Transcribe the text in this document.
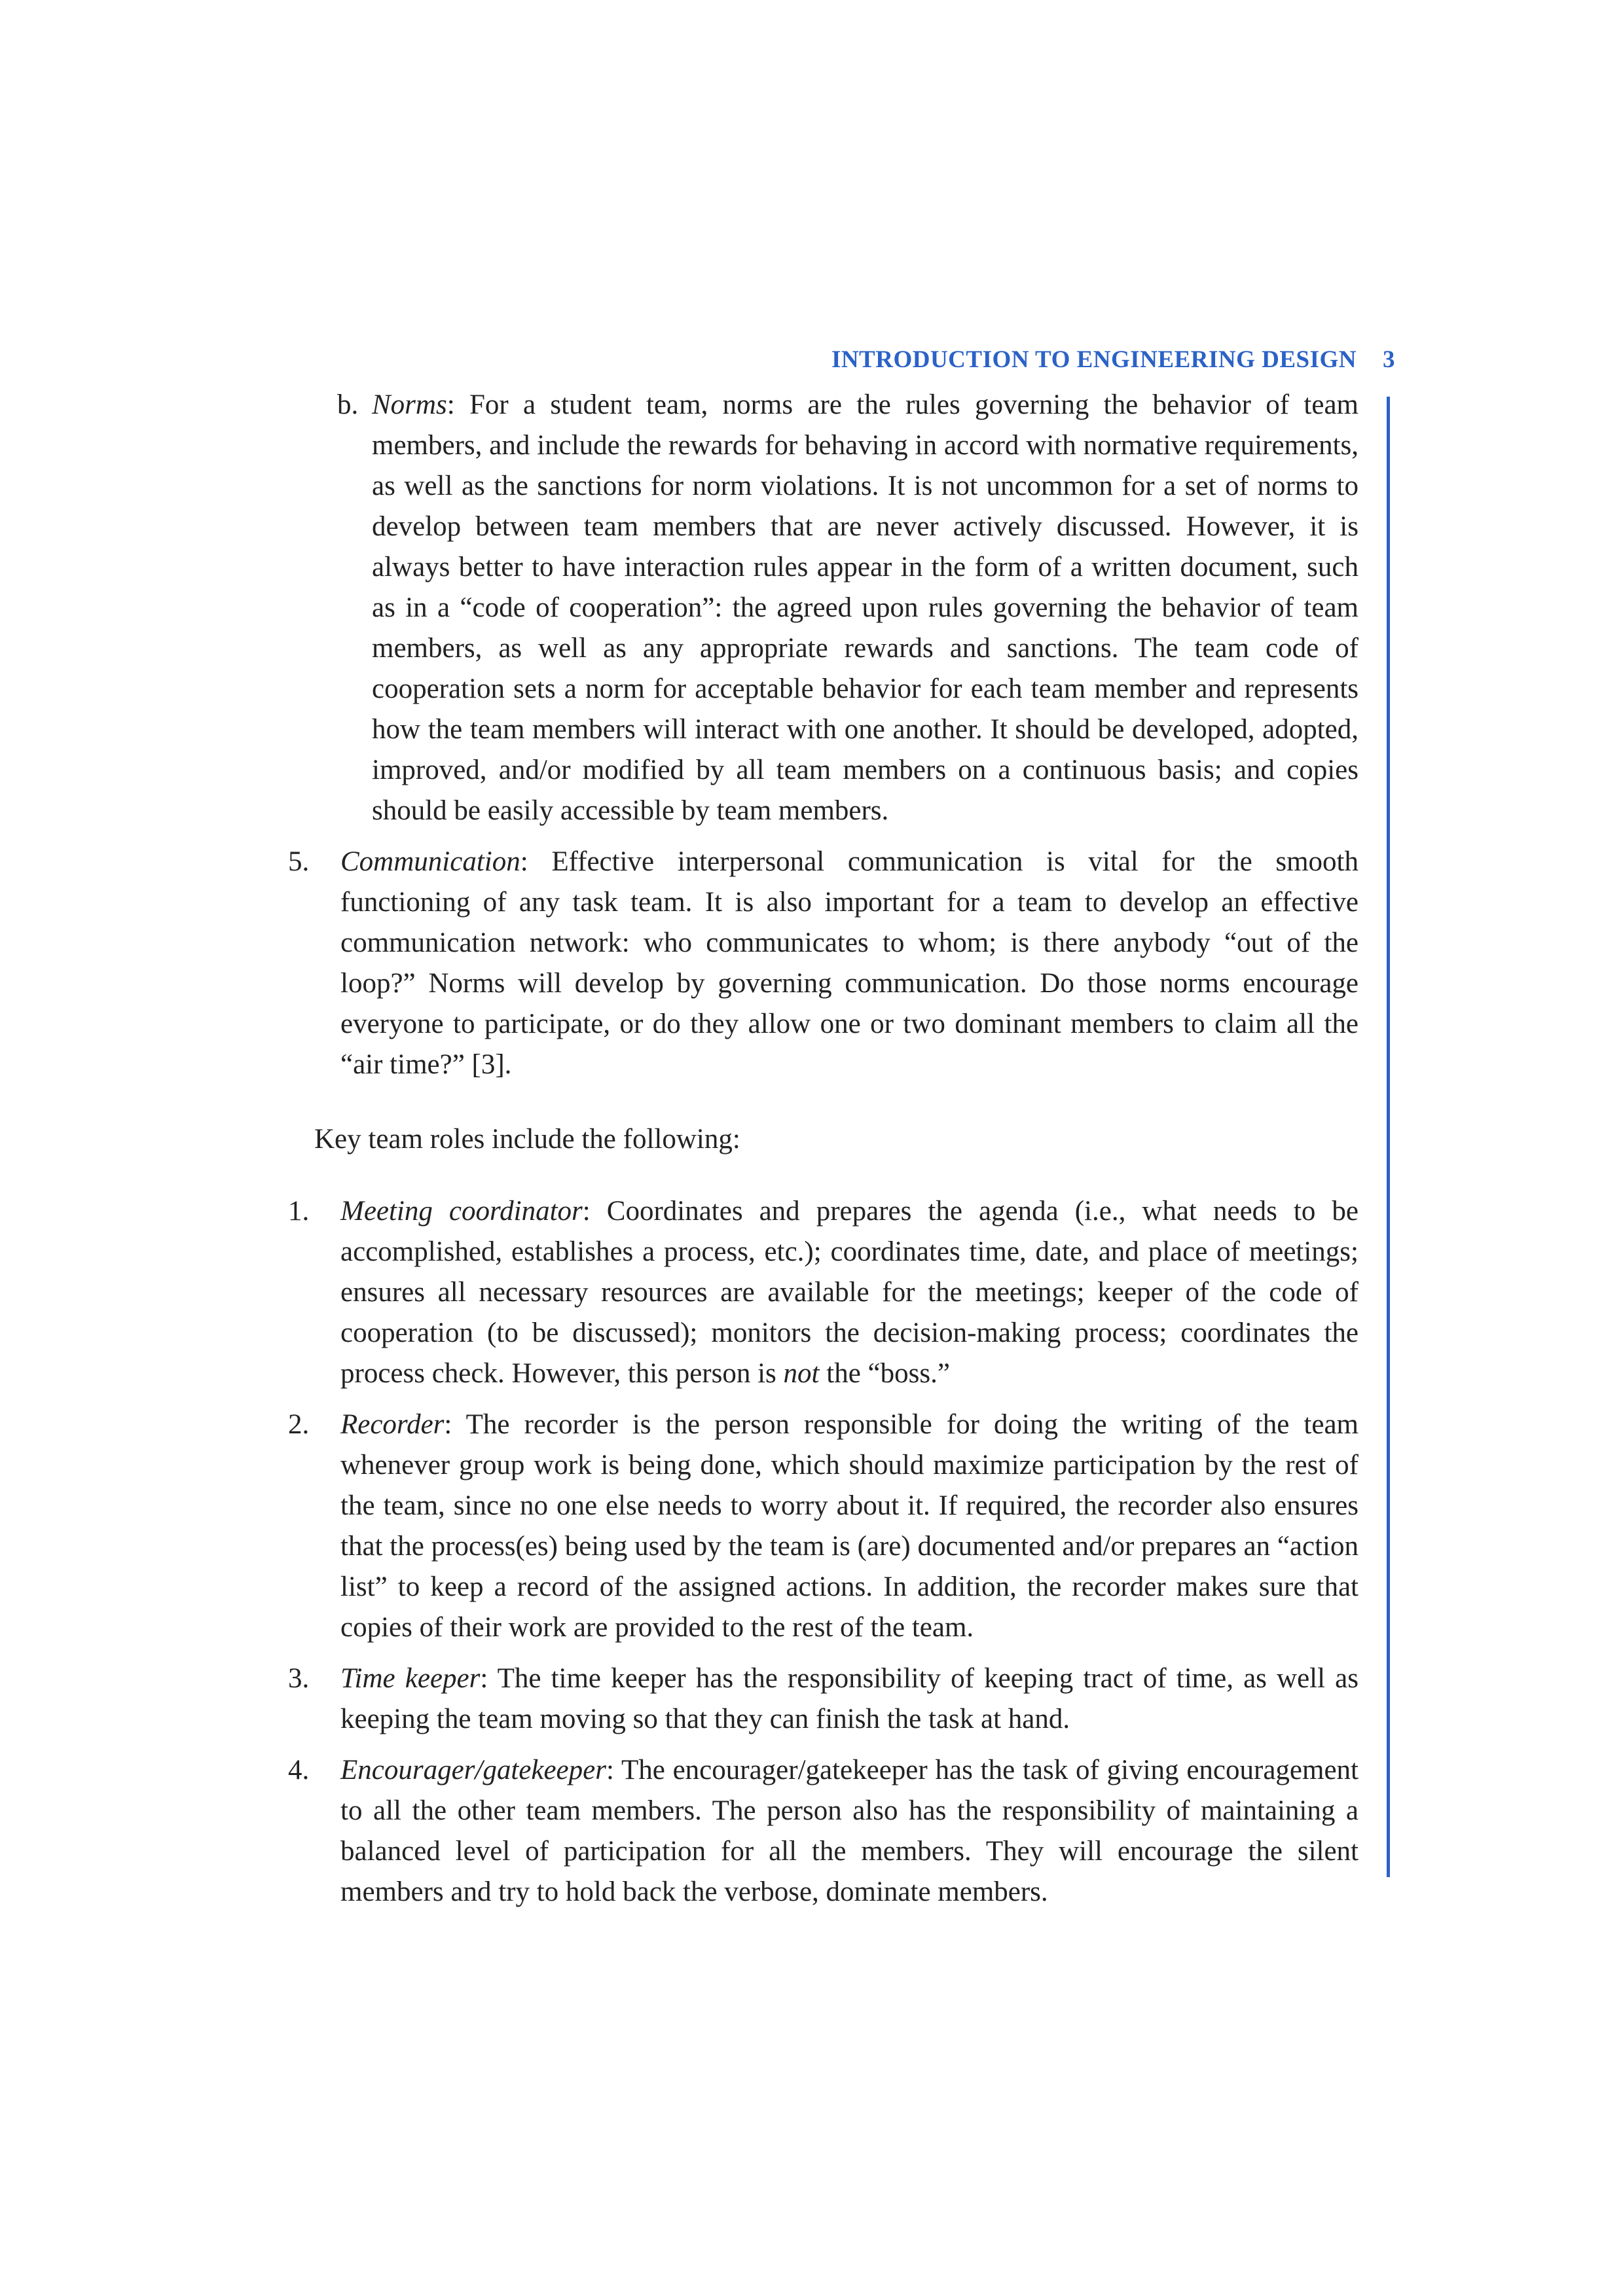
INTRODUCTION TO ENGINEERING DESIGN 3
b. Norms: For a student team, norms are the rules governing the behavior of team members, and include the rewards for behaving in accord with normative requirements, as well as the sanctions for norm violations. It is not uncommon for a set of norms to develop between team members that are never actively discussed. However, it is always better to have interaction rules appear in the form of a written document, such as in a “code of cooperation”: the agreed upon rules governing the behavior of team members, as well as any appropriate rewards and sanctions. The team code of cooperation sets a norm for acceptable behavior for each team member and represents how the team members will interact with one another. It should be developed, adopted, improved, and/or modified by all team members on a continuous basis; and copies should be easily accessible by team members.

5. Communication: Effective interpersonal communication is vital for the smooth functioning of any task team. It is also important for a team to develop an effective communication network: who communicates to whom; is there anybody “out of the loop?” Norms will develop by governing communication. Do those norms encourage everyone to participate, or do they allow one or two dominant members to claim all the “air time?” [3].

Key team roles include the following:

1. Meeting coordinator: Coordinates and prepares the agenda (i.e., what needs to be accomplished, establishes a process, etc.); coordinates time, date, and place of meetings; ensures all necessary resources are available for the meetings; keeper of the code of cooperation (to be discussed); monitors the decision-making process; coordinates the process check. However, this person is not the “boss.”

2. Recorder: The recorder is the person responsible for doing the writing of the team whenever group work is being done, which should maximize participation by the rest of the team, since no one else needs to worry about it. If required, the recorder also ensures that the process(es) being used by the team is (are) documented and/or prepares an “action list” to keep a record of the assigned actions. In addition, the recorder makes sure that copies of their work are provided to the rest of the team.

3. Time keeper: The time keeper has the responsibility of keeping tract of time, as well as keeping the team moving so that they can finish the task at hand.

4. Encourager/gatekeeper: The encourager/gatekeeper has the task of giving encouragement to all the other team members. The person also has the responsibility of maintaining a balanced level of participation for all the members. They will encourage the silent members and try to hold back the verbose, dominate members.
